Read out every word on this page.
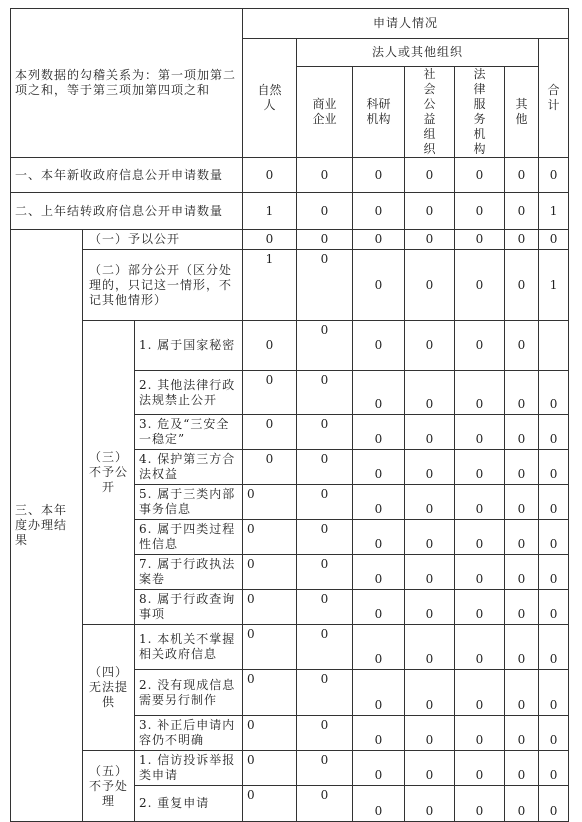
本列数据的勾稽关系为：第一项加第二项之和，等于第三项加第四项之和			申请人情况						
			自然人	法人或其他组织					合计
				商业企业	科研机构	社会公益组织	法律服务机构	其他	
一、本年新收政府信息公开申请数量			0	0	0	0	0	0	0
二、上年结转政府信息公开申请数量			1	0	0	0	0	0	1
三、本年度办理结果	（一）予以公开		0	0	0	0	0	0	0
	（二）部分公开（区分处理的，只记这一情形，不记其他情形）		1	0	0	0	0	0	1
	（三）不予公开	1. 属于国家秘密	0	0	0	0	0	0	
		2. 其他法律行政法规禁止公开	0	0	0	0	0	0	0
		3. 危及“三安全一稳定”	0	0	0	0	0	0	0
		4. 保护第三方合法权益	0	0	0	0	0	0	0
		5. 属于三类内部事务信息	0	0	0	0	0	0	0
		6. 属于四类过程性信息	0	0	0	0	0	0	0
		7. 属于行政执法案卷	0	0	0	0	0	0	0
		8. 属于行政查询事项	0	0	0	0	0	0	0
	（四）无法提供	1. 本机关不掌握相关政府信息	0	0	0	0	0	0	0
		2. 没有现成信息需要另行制作	0	0	0	0	0	0	0
		3. 补正后申请内容仍不明确	0	0	0	0	0	0	0
	（五）不予处理	1. 信访投诉举报类申请	0	0	0	0	0	0	0
		2. 重复申请	0	0	0	0	0	0	0
